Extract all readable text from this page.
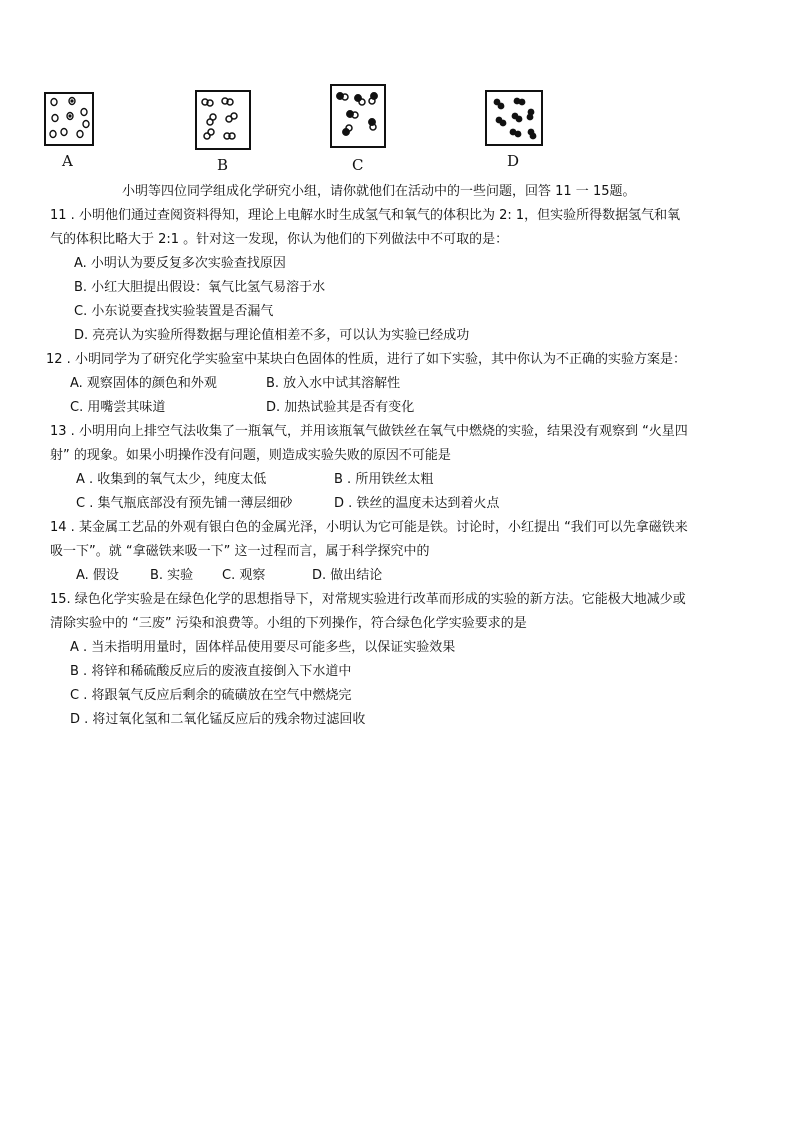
A	B	C	D
小明等四位同学组成化学研究小组，请你就他们在活动中的一些问题，回答 11 一 15题。
11 . 小明他们通过查阅资料得知，理论上电解水时生成氢气和氧气的体积比为 2: 1，但实验所得数据氢气和氧
气的体积比略大于 2:1 。针对这一发现，你认为他们的下列做法中不可取的是：
A. 小明认为要反复多次实验查找原因
B. 小红大胆提出假设：氧气比氢气易溶于水
C. 小东说要查找实验装置是否漏气
D. 亮亮认为实验所得数据与理论值相差不多，可以认为实验已经成功
12 . 小明同学为了研究化学实验室中某块白色固体的性质，进行了如下实验，其中你认为不正确的实验方案是：
A. 观察固体的颜色和外观	B. 放入水中试其溶解性
C. 用嘴尝其味道	D. 加热试验其是否有变化
13 . 小明用向上排空气法收集了一瓶氧气，并用该瓶氧气做铁丝在氧气中燃烧的实验，结果没有观察到 “火星四
射” 的现象。如果小明操作没有问题，则造成实验失败的原因不可能是
A . 收集到的氧气太少，纯度太低	B . 所用铁丝太粗
C . 集气瓶底部没有预先铺一薄层细砂	D . 铁丝的温度未达到着火点
14 . 某金属工艺品的外观有银白色的金属光泽，小明认为它可能是铁。讨论时，小红提出 “我们可以先拿磁铁来
吸一下”。就 “拿磁铁来吸一下” 这一过程而言，属于科学探究中的
A. 假设 B. 实验 C. 观察	D. 做出结论
15. 绿色化学实验是在绿色化学的思想指导下，对常规实验进行改革而形成的实验的新方法。它能极大地减少或
清除实验中的 “三废” 污染和浪费等。小组的下列操作，符合绿色化学实验要求的是
A . 当未指明用量时，固体样品使用要尽可能多些，以保证实验效果
B . 将锌和稀硫酸反应后的废液直接倒入下水道中
C . 将跟氧气反应后剩余的硫磺放在空气中燃烧完
D . 将过氧化氢和二氧化锰反应后的残余物过滤回收
